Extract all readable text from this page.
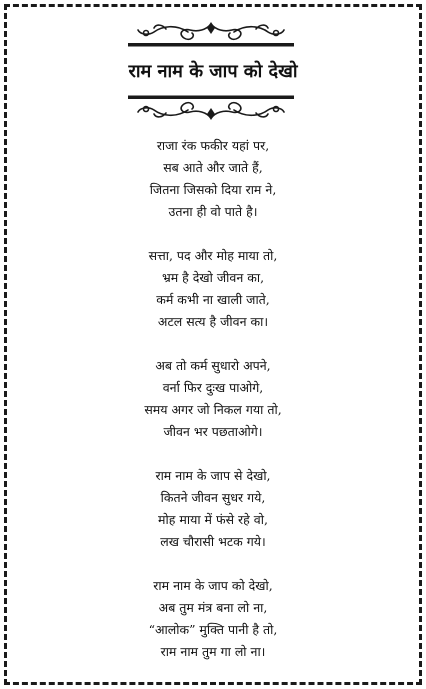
राम नाम के जाप को देखो
राजा रंक फकीर यहां पर,
सब आते और जाते हैं,
जितना जिसको दिया राम ने,
उतना ही वो पाते है।
सत्ता, पद और मोह माया तो,
भ्रम है देखो जीवन का,
कर्म कभी ना खाली जाते,
अटल सत्य है जीवन का।
अब तो कर्म सुधारो अपने,
वर्ना फिर दुःख पाओगे,
समय अगर जो निकल गया तो,
जीवन भर पछताओगे।
राम नाम के जाप से देखो,
कितने जीवन सुधर गये,
मोह माया में फंसे रहे वो,
लख चौरासी भटक गये।
राम नाम के जाप को देखो,
अब तुम मंत्र बना लो ना,
“आलोक” मुक्ति पानी है तो,
राम नाम तुम गा लो ना।
